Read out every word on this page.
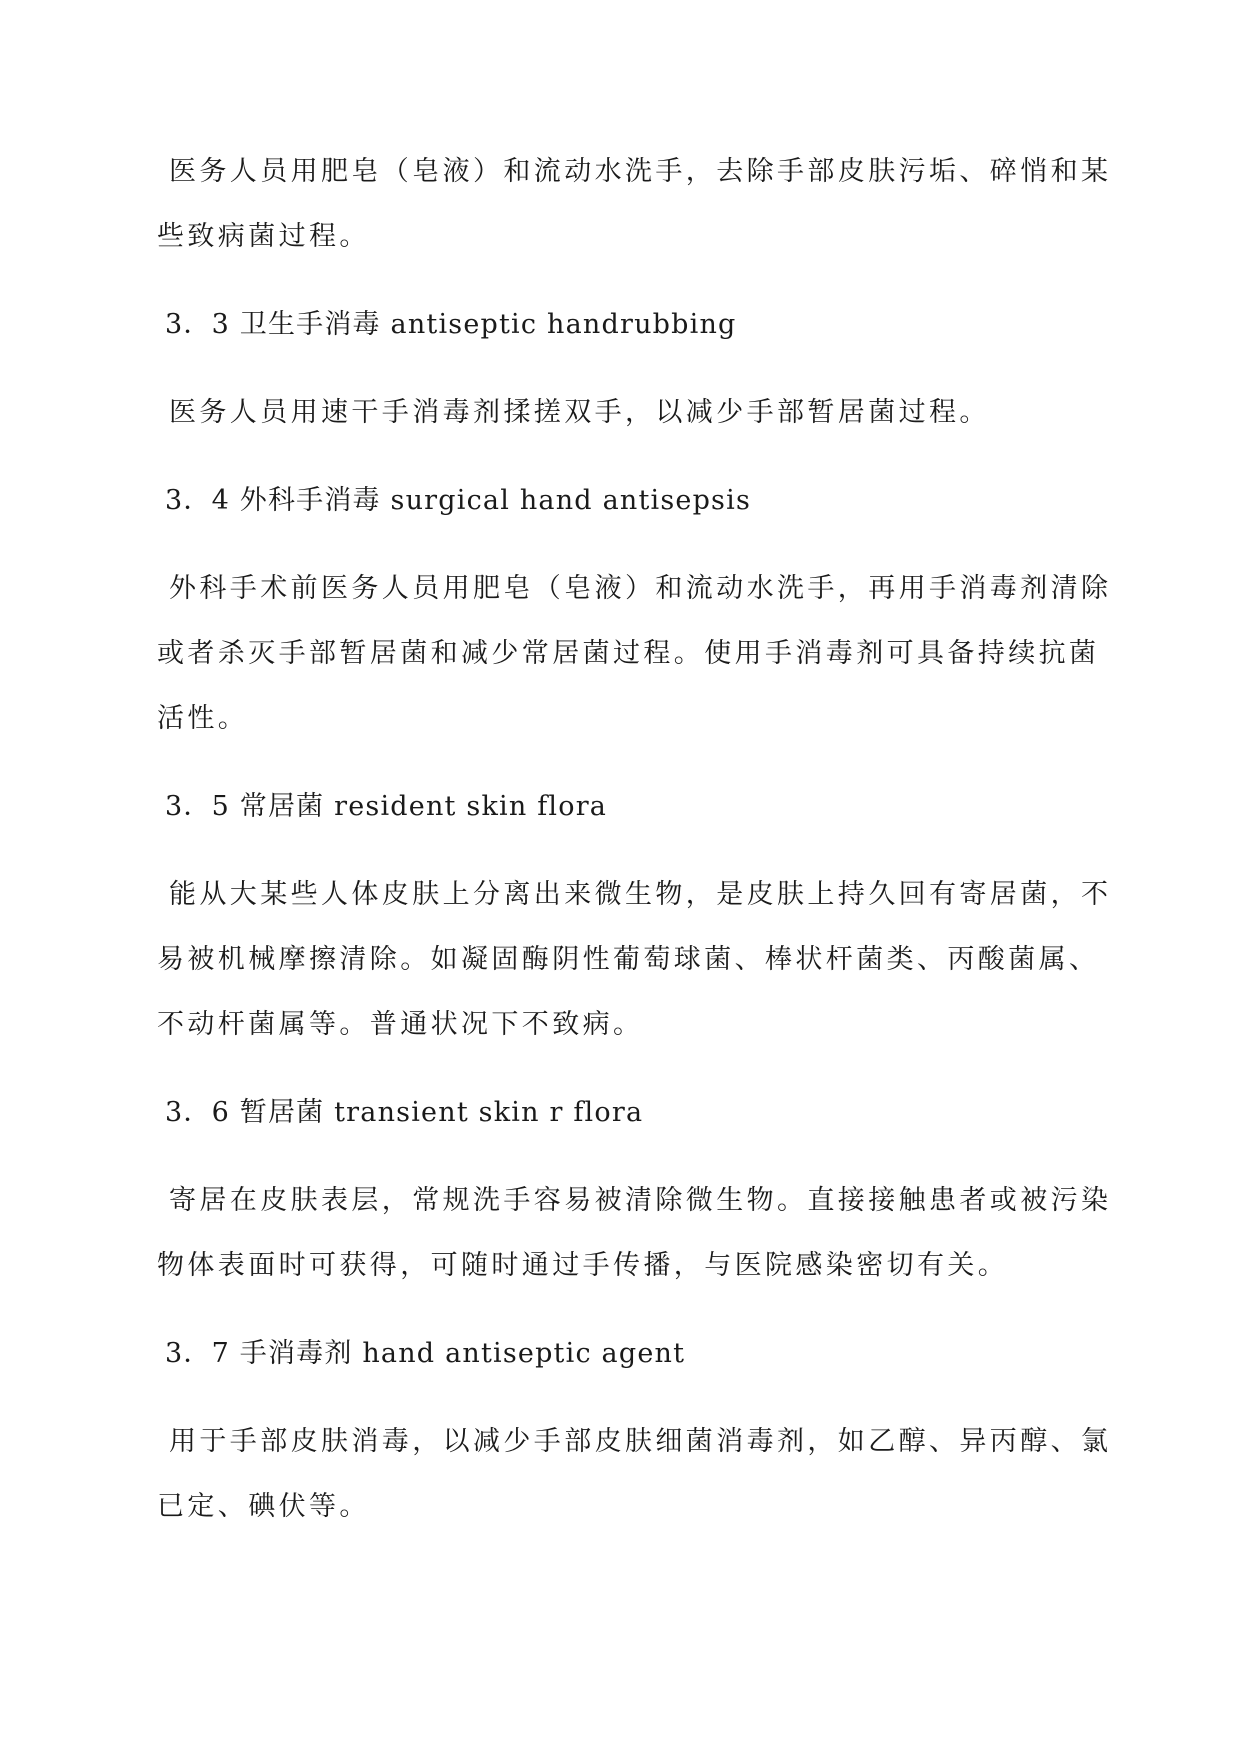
医务人员用肥皂（皂液）和流动水洗手，去除手部皮肤污垢、碎悄和某

些致病菌过程。

3．3 卫生手消毒 antiseptic handrubbing

医务人员用速干手消毒剂揉搓双手，以减少手部暂居菌过程。

3．4 外科手消毒 surgical hand antisepsis

外科手术前医务人员用肥皂（皂液）和流动水洗手，再用手消毒剂清除

或者杀灭手部暂居菌和减少常居菌过程。使用手消毒剂可具备持续抗菌

活性。

3．5 常居菌 resident skin flora

能从大某些人体皮肤上分离出来微生物，是皮肤上持久回有寄居菌，不

易被机械摩擦清除。如凝固酶阴性葡萄球菌、棒状杆菌类、丙酸菌属、

不动杆菌属等。普通状况下不致病。

3．6 暂居菌 transient skin r flora

寄居在皮肤表层，常规洗手容易被清除微生物。直接接触患者或被污染

物体表面时可获得，可随时通过手传播，与医院感染密切有关。

3．7 手消毒剂 hand antiseptic agent

用于手部皮肤消毒，以减少手部皮肤细菌消毒剂，如乙醇、异丙醇、氯

已定、碘伏等。
